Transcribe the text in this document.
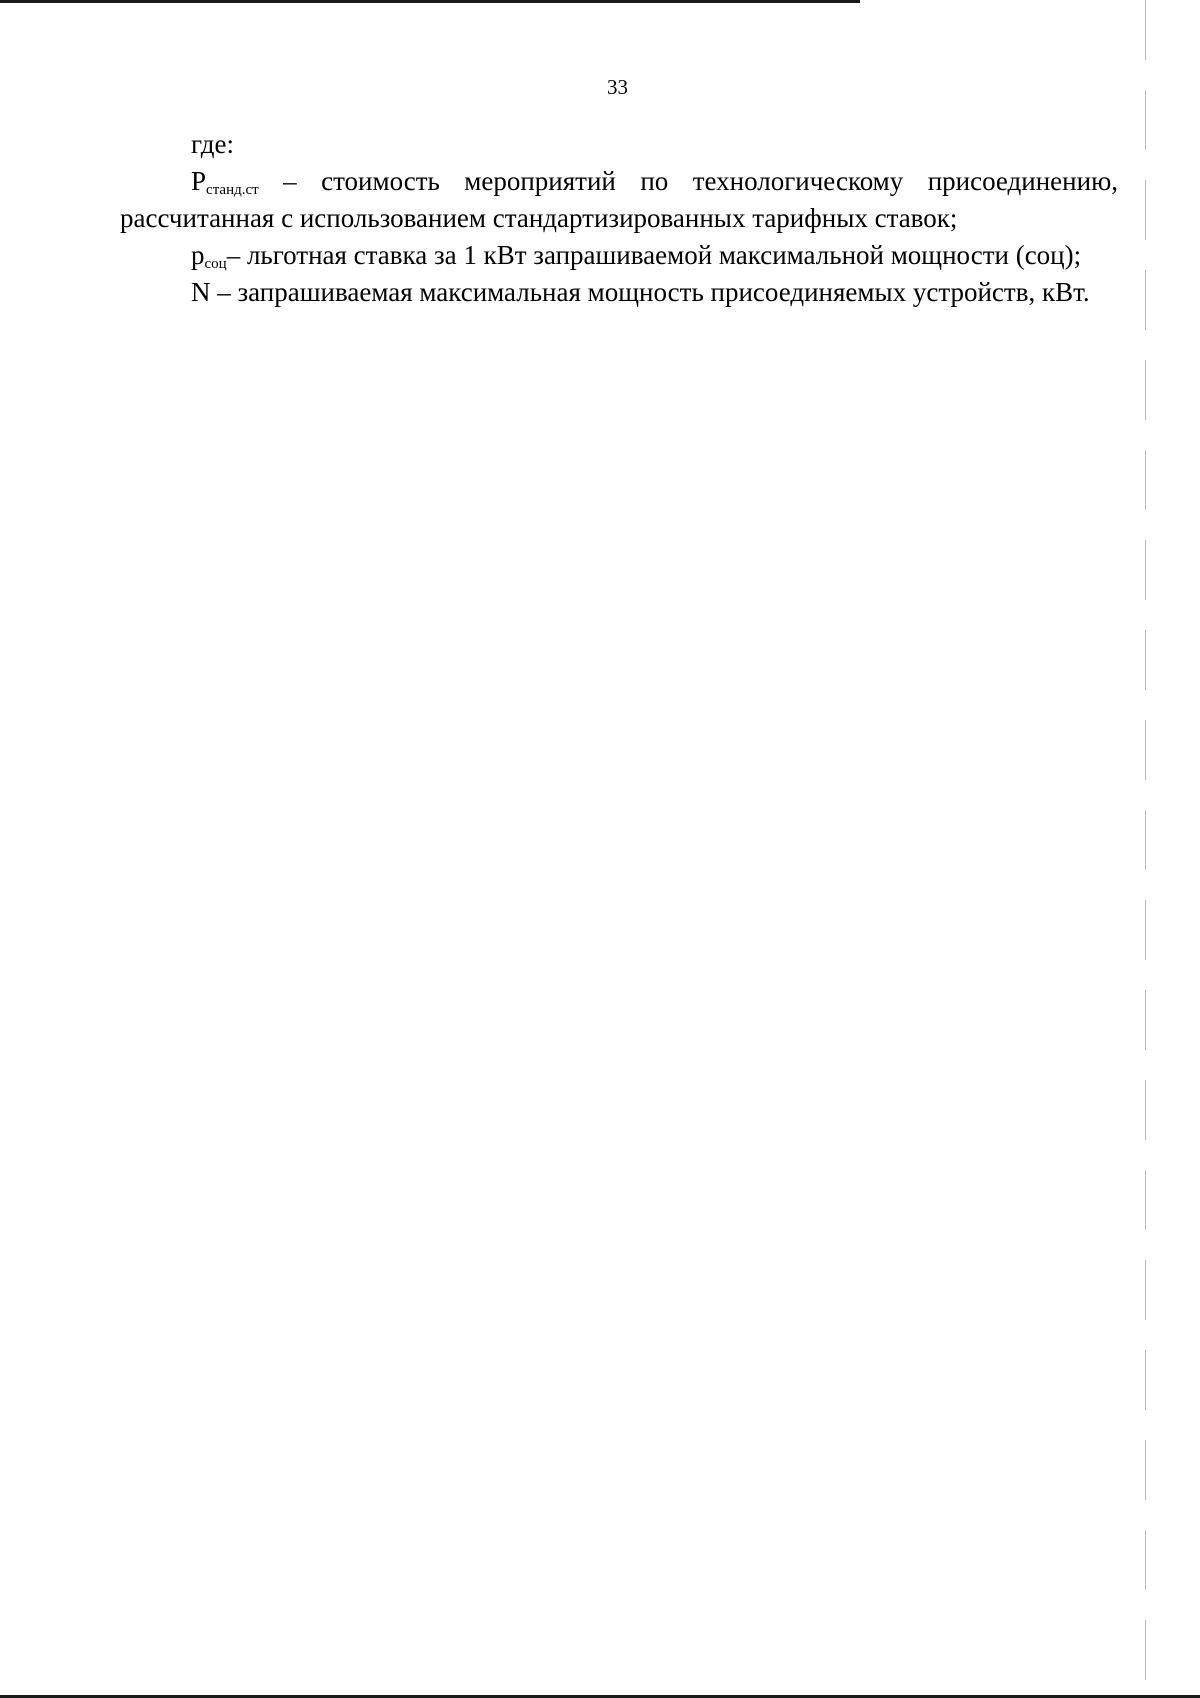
33

где:

$P_{станд.ст}$ – стоимость мероприятий по технологическому присоединению, рассчитанная с использованием стандартизированных тарифных ставок;

$p_{соц}-$ льготная ставка за 1 кВт запрашиваемой максимальной мощности (соц);

N – запрашиваемая максимальная мощность присоединяемых устройств, кВт.
